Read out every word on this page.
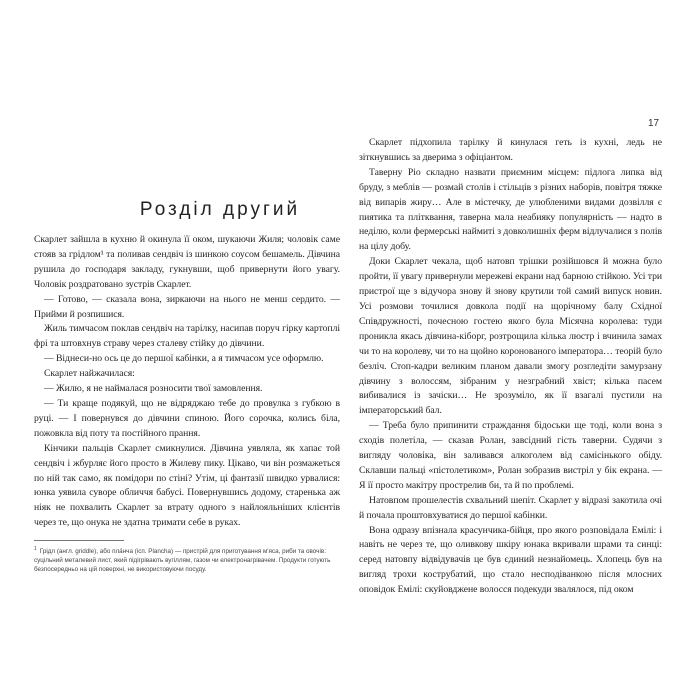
17
Розділ другий

Скарлет зайшла в кухню й окинула її оком, шукаючи Жиля; чоловік саме стояв за грідлом¹ та поливав сендвіч із шинкою соусом бешамель. Дівчина рушила до господаря закладу, гукнувши, щоб привернути його увагу. Чоловік роздратовано зустрів Скарлет.

— Готово, — сказала вона, зиркаючи на нього не менш сердито. — Прийми й розпишися.

Жиль тимчасом поклав сендвіч на тарілку, насипав поруч гірку картоплі фрі та штовхнув страву через сталеву стійку до дівчини.

— Віднеси-но ось це до першої кабінки, а я тимчасом усе оформлю.

Скарлет найжачилася:

— Жилю, я не наймалася розносити твої замовлення.

— Ти краще подякуй, що не відряджаю тебе до провулка з губкою в руці. — І повернувся до дівчини спиною. Його сорочка, колись біла, пожовкла від поту та постійного прання.

Кінчики пальців Скарлет смикнулися. Дівчина уявляла, як хапає той сендвіч і жбурляє його просто в Жилеву пику. Цікаво, чи він розмажеться по ній так само, як помідори по стіні? Утім, ці фантазії швидко урвалися: юнка уявила суворе обличчя бабусі. Повернувшись додому, старенька аж ніяк не похвалить Скарлет за втрату одного з найлояльніших клієнтів через те, що онука не здатна тримати себе в руках.

$^1$ Грідл (англ. griddle), або пла́нча (ісп. Plancha) — пристрій для приготування м'яса, риби та овочів: суцільний металевий лист, який підігрівають вугіллям, газом чи електронагрівачем. Продукти готують безпосередньо на цій поверхні, не використовуючи посуду.

Скарлет підхопила тарілку й кинулася геть із кухні, ледь не зіткнувшись за дверима з офіціантом.

Таверну Ріо складно назвати приємним місцем: підлога липка від бруду, з меблів — розмай столів і стільців з різних наборів, повітря тяжке від випарів жиру… Але в містечку, де улюбленими видами дозвілля є пиятика та плітквання, таверна мала неабияку популярність — надто в неділю, коли фермерські наймиті з довколишніх ферм відлучалися з полів на цілу добу.

Доки Скарлет чекала, щоб натовп трішки розійшовся й можна було пройти, її увагу привернули мережеві екрани над барною стійкою. Усі три пристрої ще з відучора знову й знову крутили той самий випуск новин. Усі розмови точилися довкола події на щорічному балу Східної Співдружності, почесною гостею якого була Місячна королева: туди проникла якась дівчина-кіборг, розтрощила кілька люстр і вчинила замах чи то на королеву, чи то на щойно коронованого імператора… теорій було безліч. Стоп-кадри великим планом давали змогу розгледіти замурзану дівчину з волоссям, зібраним у незграбний хвіст; кілька пасем вибивалися із зачіски… Не зрозуміло, як її взагалі пустили на імператорський бал.

— Треба було припинити страждання бідоськи ще тоді, коли вона з сходів полетіла, — сказав Ролан, завсідний гість таверни. Судячи з вигляду чоловіка, він заливався алкоголем від самісінького обіду. Склавши пальці «пістолетиком», Ролан зобразив вистріл у бік екрана. — Я її просто макітру прострелив би, та й по проблемі.

Натовпом прошелестів схвальний шепіт. Скарлет у відразі закотила очі й почала проштовхуватися до першої кабінки.

Вона одразу впізнала красунчика-бійця, про якого розповідала Емілі: і навіть не через те, що оливкову шкіру юнака вкривали шрами та синці: серед натовпу відвідувачів це був єдиний незнайомець. Хлопець був на вигляд трохи кострубатий, що стало несподіванкою після млосних оповідок Емілі: скуйовджене волосся подекуди звалялося, під оком
